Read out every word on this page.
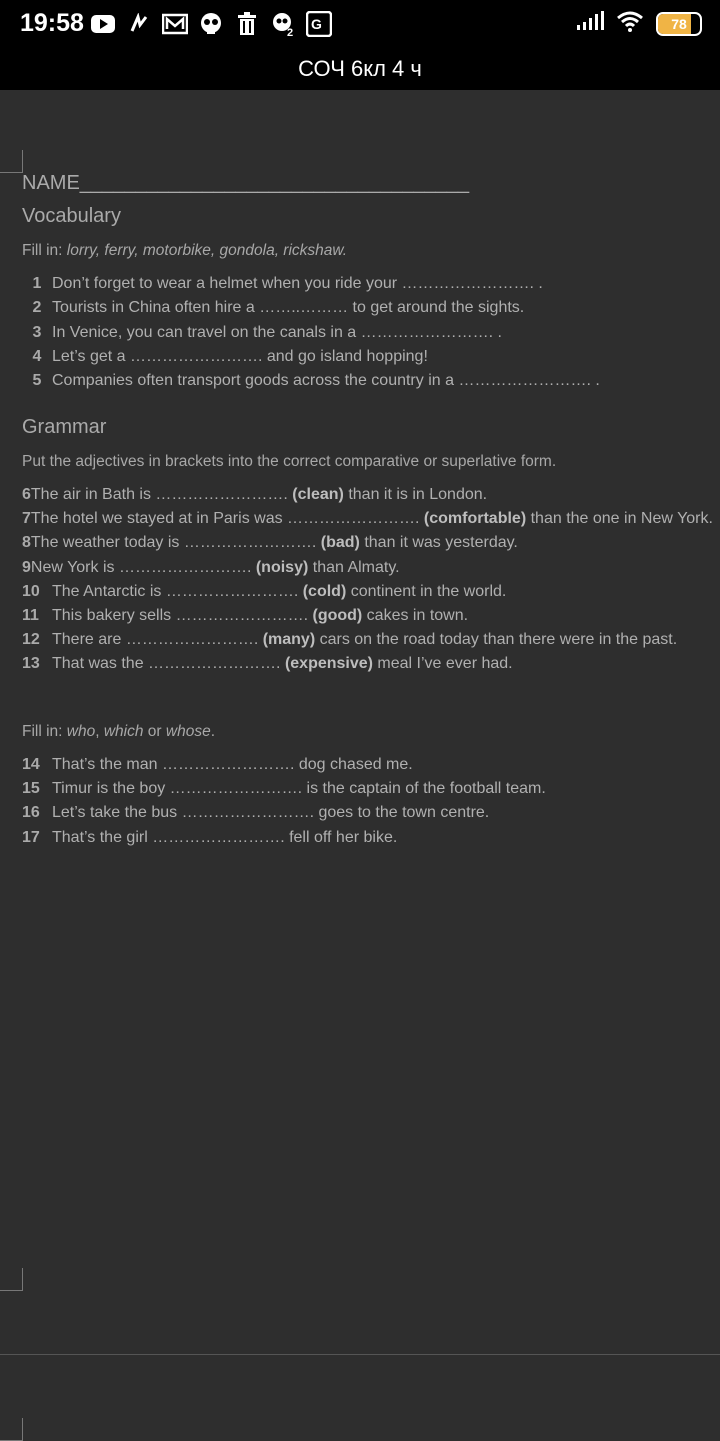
19:58	2
G	78
СОЧ 6кл 4 ч
NAME___________________________________
Vocabulary
Fill in: lorry, ferry, motorbike, gondola, rickshaw.
1 Don’t forget to wear a helmet when you ride your ……………………. .
2 Tourists in China often hire a ……..……… to get around the sights.
3 In Venice, you can travel on the canals in a ……………………. .
4 Let’s get a ……………………. and go island hopping!
5 Companies often transport goods across the country in a ……………………. .
Grammar
Put the adjectives in brackets into the correct comparative or superlative form.
6The air in Bath is ……………………. (clean) than it is in London.
7The hotel we stayed at in Paris was ……………………. (comfortable) than the one in New York.
8The weather today is ……………………. (bad) than it was yesterday.
9New York is ……………………. (noisy) than Almaty.
10 The Antarctic is ……………………. (cold) continent in the world.
11 This bakery sells ……………………. (good) cakes in town.
12 There are ……………………. (many) cars on the road today than there were in the past.
13 That was the ……………………. (expensive) meal I’ve ever had.
Fill in: who, which or whose.
14 That’s the man ……………………. dog chased me.
15 Timur is the boy ……………………. is the captain of the football team.
16 Let’s take the bus ……………………. goes to the town centre.
17 That’s the girl ……………………. fell off her bike.
